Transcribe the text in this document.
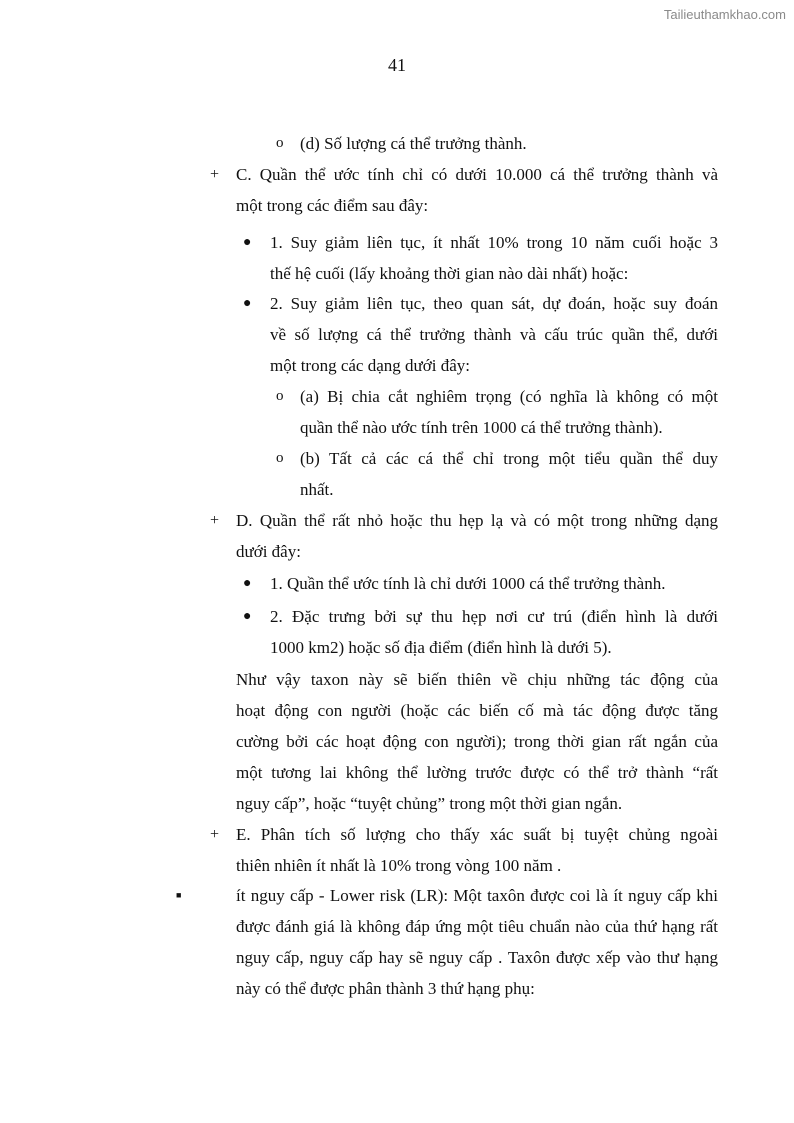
Tailieuthamkhao.com
41
o (d) Số lượng cá thể trưởng thành.
+ C. Quần thể ước tính chỉ có dưới 10.000 cá thể trưởng thành và
một trong các điểm sau đây:
● 1. Suy giảm liên tục, ít nhất 10% trong 10 năm cuối hoặc 3
thế hệ cuối (lấy khoảng thời gian nào dài nhất) hoặc:
● 2. Suy giảm liên tục, theo quan sát, dự đoán, hoặc suy đoán
về số lượng cá thể trưởng thành và cấu trúc quần thể, dưới
một trong các dạng dưới đây:
o (a) Bị chia cắt nghiêm trọng (có nghĩa là không có một
quần thể nào ước tính trên 1000 cá thể trưởng thành).
o (b) Tất cả các cá thể chỉ trong một tiểu quần thể duy
nhất.
+ D. Quần thể rất nhỏ hoặc thu hẹp lạ và có một trong những dạng
dưới đây:
● 1. Quần thể ước tính là chỉ dưới 1000 cá thể trưởng thành.
● 2. Đặc trưng bởi sự thu hẹp nơi cư trú (điển hình là dưới
1000 km2) hoặc số địa điểm (điển hình là dưới 5).
Như vậy taxon này sẽ biến thiên về chịu những tác động của
hoạt động con người (hoặc các biến cố mà tác động được tăng
cường bởi các hoạt động con người); trong thời gian rất ngắn của
một tương lai không thể lường trước được có thể trở thành “rất
nguy cấp”, hoặc “tuyệt chủng” trong một thời gian ngắn.
+ E. Phân tích số lượng cho thấy xác suất bị tuyệt chủng ngoài
thiên nhiên ít nhất là 10% trong vòng 100 năm .
■	ít nguy cấp - Lower risk (LR): Một taxôn được coi là ít nguy cấp khi
được đánh giá là không đáp ứng một tiêu chuẩn nào của thứ hạng rất
nguy cấp, nguy cấp hay sẽ nguy cấp . Taxôn được xếp vào thư hạng
này có thể được phân thành 3 thứ hạng phụ:
